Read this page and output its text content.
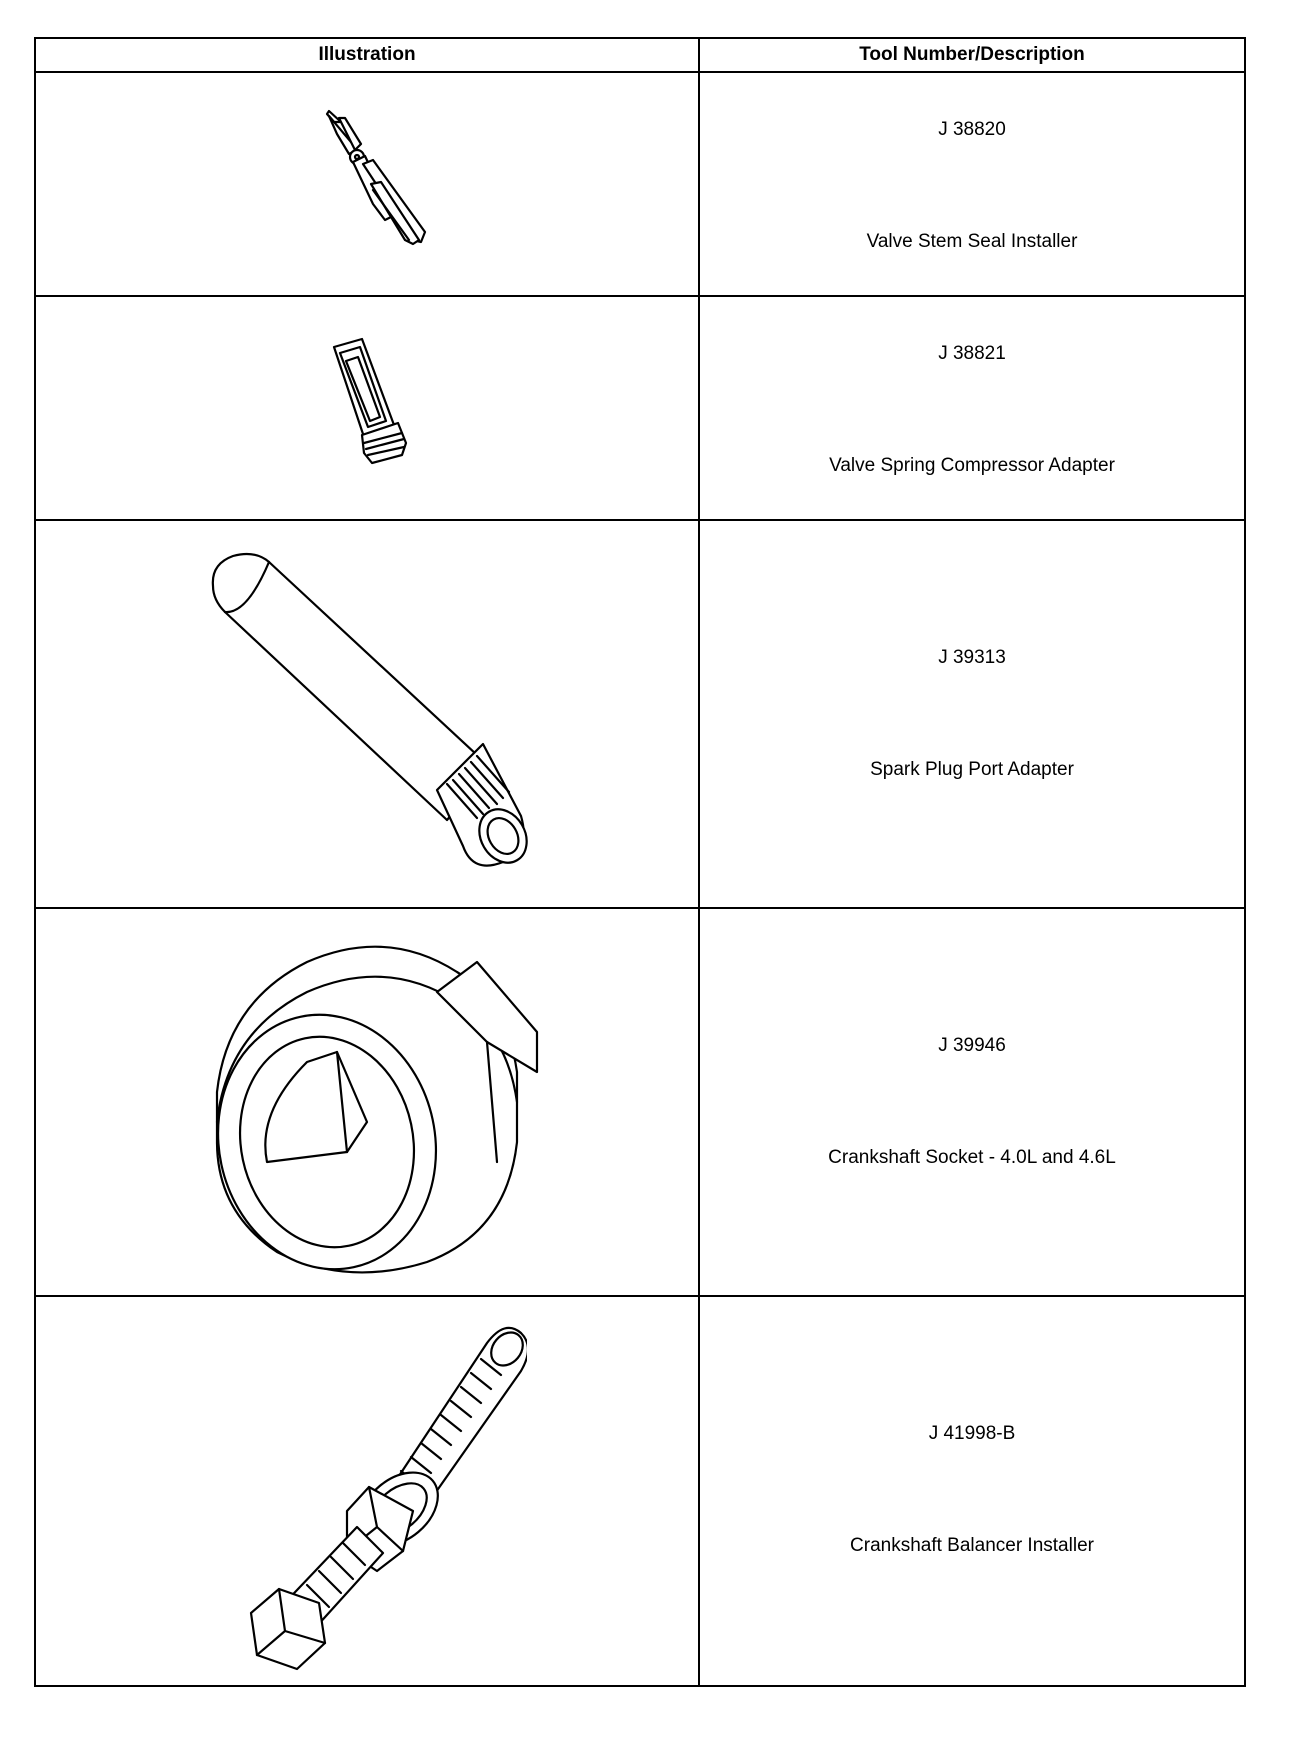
Illustration	Tool Number/Description

J 38820
Valve Stem Seal Installer

J 38821
Valve Spring Compressor Adapter

J 39313
Spark Plug Port Adapter

J 39946
Crankshaft Socket - 4.0L and 4.6L

J 41998-B
Crankshaft Balancer Installer
